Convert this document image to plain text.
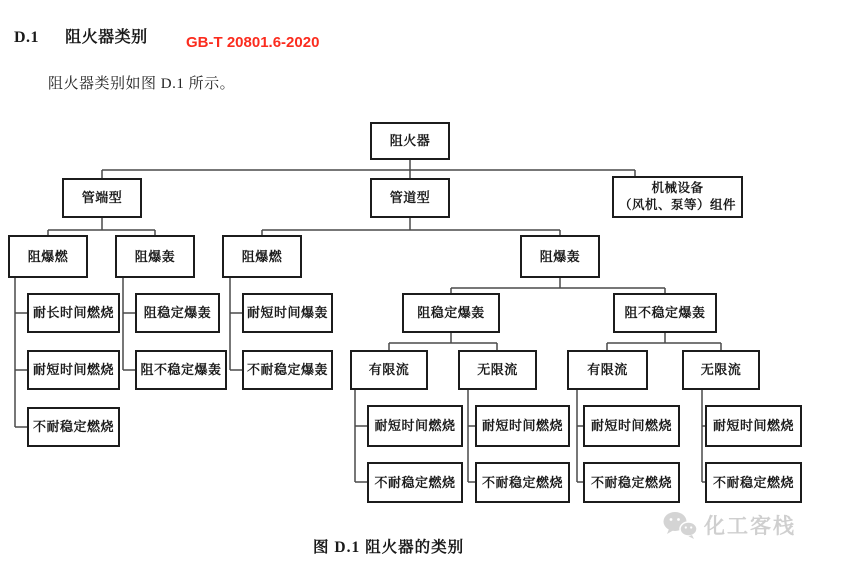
D.1 阻火器类别	GB-T 20801.6-2020
阻火器类别如图 D.1 所示。
阻火器
管端型	管道型
机械设备
（风机、泵等）组件
阻爆燃	阻爆轰	阻爆燃	阻爆轰
耐长时间燃烧
耐短时间燃烧
不耐稳定燃烧
阻稳定爆轰
阻不稳定爆轰
耐短时间爆轰
不耐稳定爆轰
阻稳定爆轰	阻不稳定爆轰
有限流	无限流	有限流	无限流
耐短时间燃烧
不耐稳定燃烧
耐短时间燃烧
不耐稳定燃烧
耐短时间燃烧
不耐稳定燃烧
耐短时间燃烧
不耐稳定燃烧
图 D.1 阻火器的类别
化工客栈
